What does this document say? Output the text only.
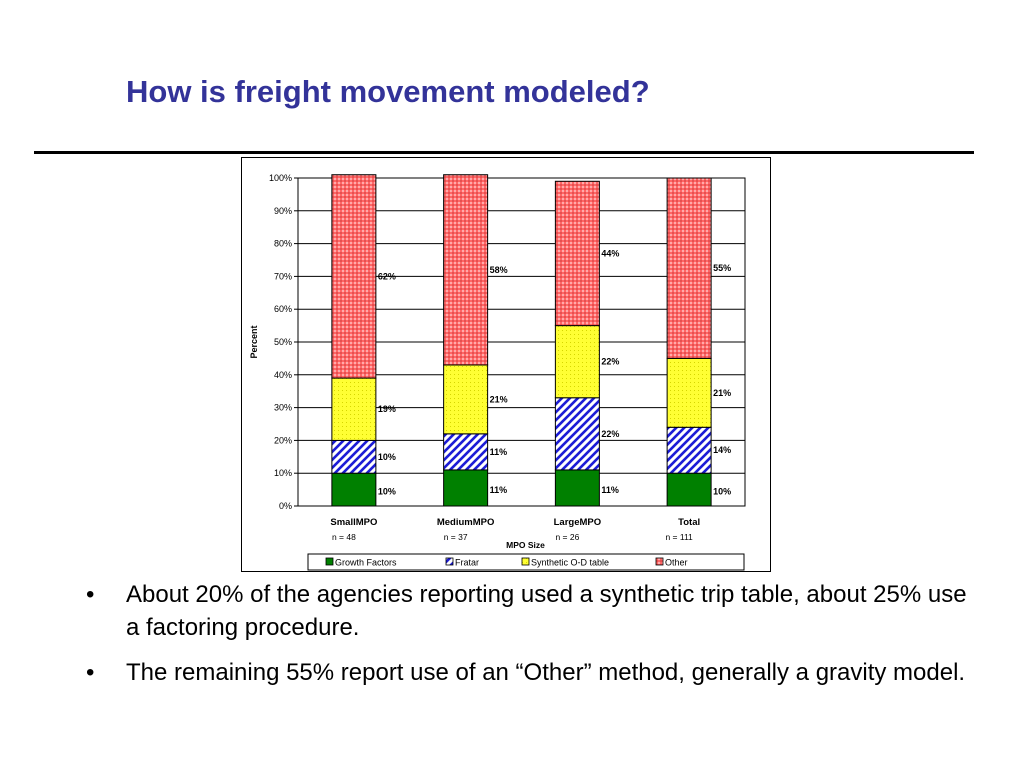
How is freight movement modeled?
0%
10%
20%
30%
40%
50%
60%
70%
80%
90%
100%
Percent
SmallMPO
n = 48
MediumMPO
n = 37
LargeMPO
n = 26
Total
n = 111
MPO Size
10%
10%
19%
62%
11%
11%
21%
58%
11%
22%
22%
44%
10%
14%
21%
55%
Growth Factors	Fratar	Synthetic O-D table	Other
• About 20% of the agencies reporting used a synthetic trip table, about 25% use a factoring procedure.
• The remaining 55% report use of an “Other” method, generally a gravity model.
